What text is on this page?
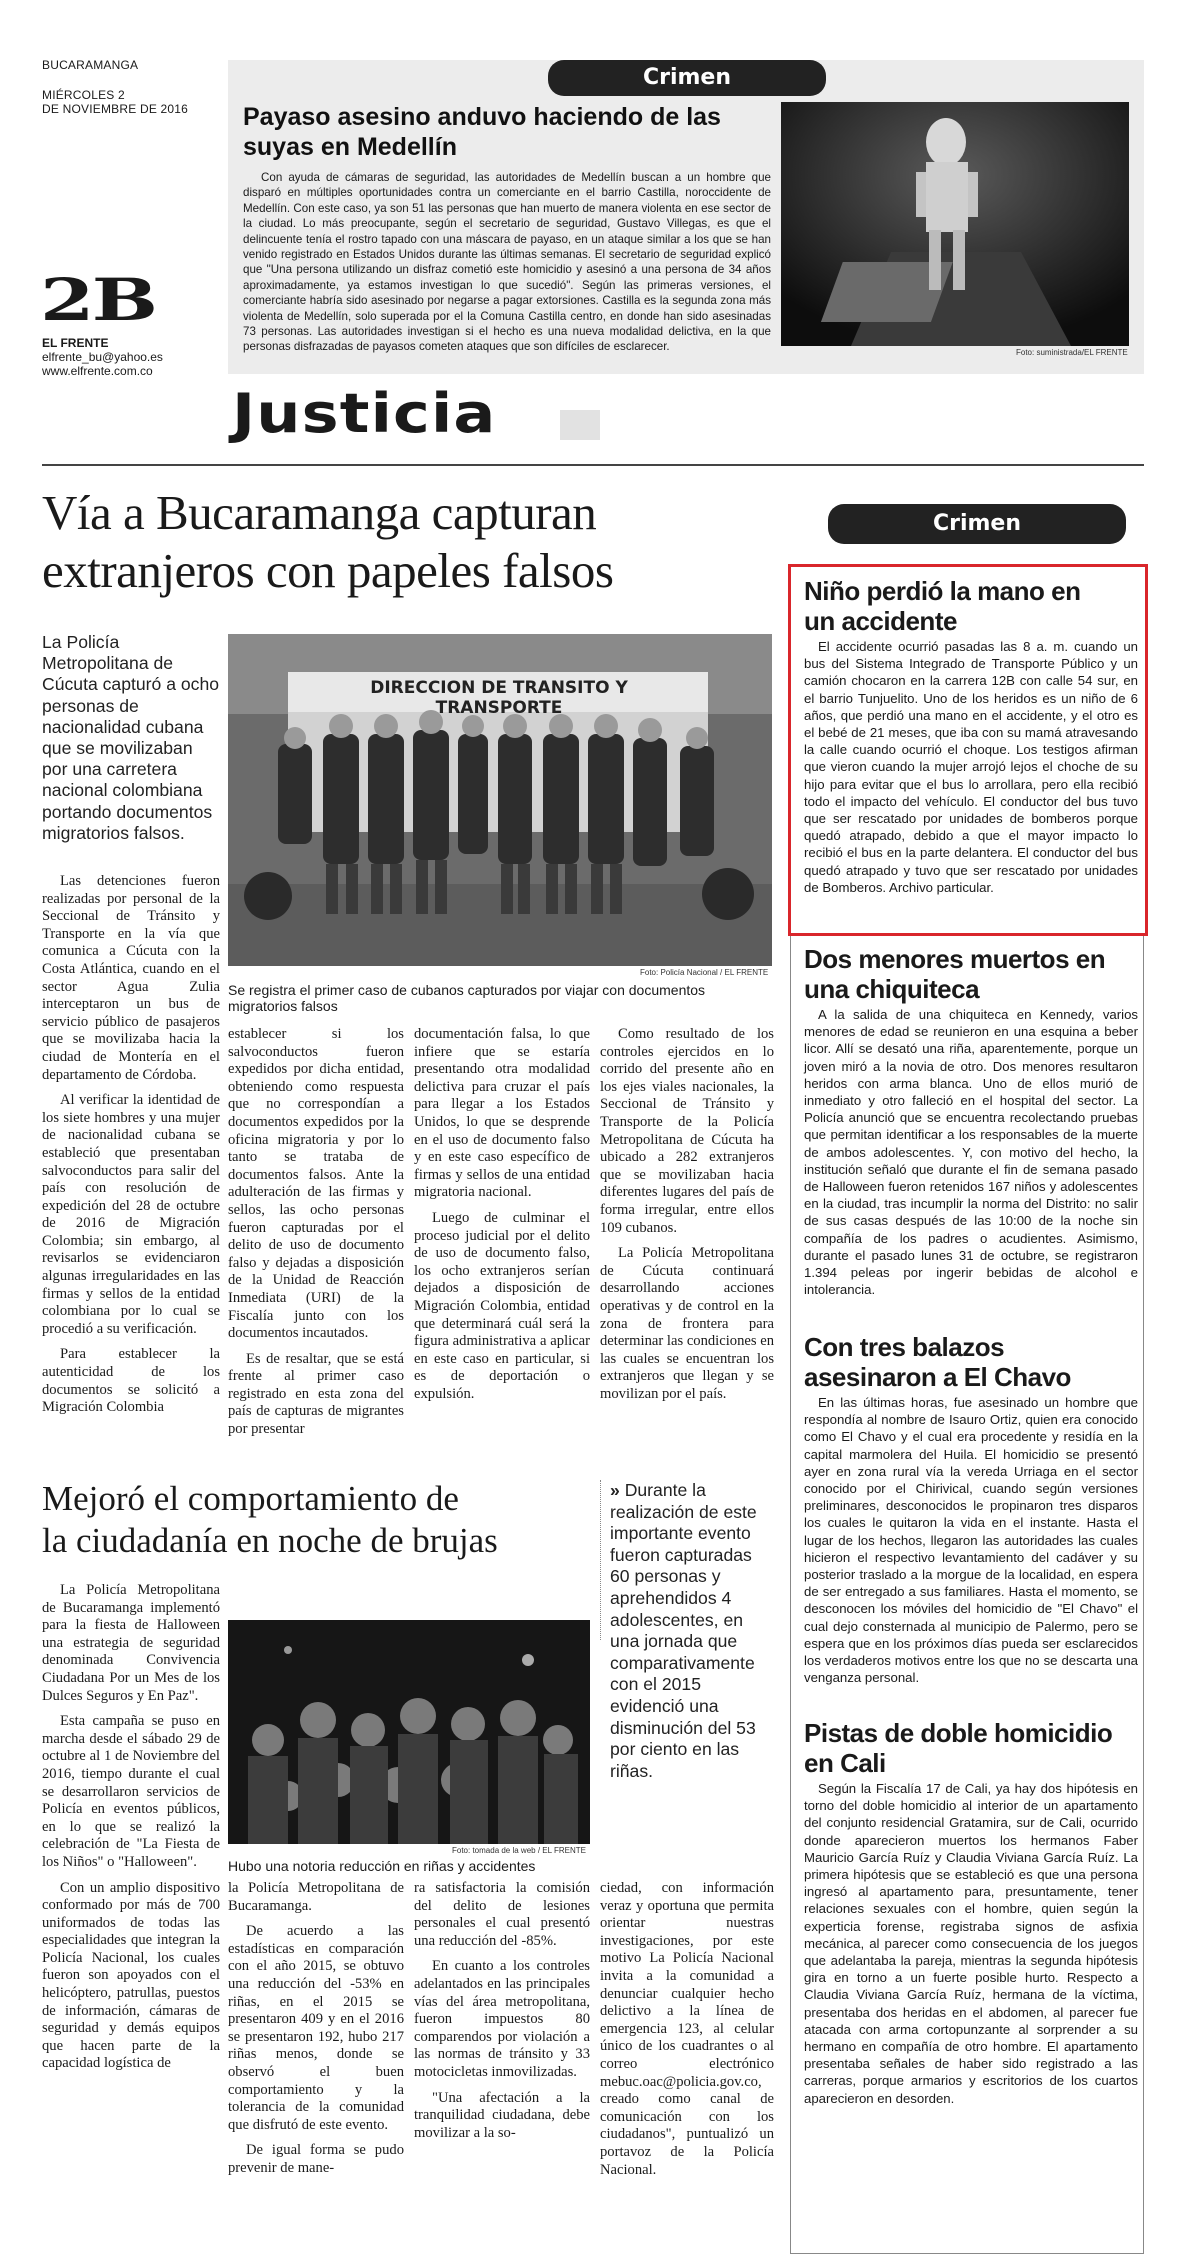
BUCARAMANGA
MIÉRCOLES 2
DE NOVIEMBRE DE 2016
2B
EL FRENTE
elfrente_bu@yahoo.es
www.elfrente.com.co
Crimen
Payaso asesino anduvo haciendo de las suyas en Medellín
Con ayuda de cámaras de seguridad, las autoridades de Medellín buscan a un hombre que disparó en múltiples oportunidades contra un comerciante en el barrio Castilla, noroccidente de Medellín. Con este caso, ya son 51 las personas que han muerto de manera violenta en ese sector de la ciudad. Lo más preocupante, según el secretario de seguridad, Gustavo Villegas, es que el delincuente tenía el rostro tapado con una máscara de payaso, en un ataque similar a los que se han venido registrado en Estados Unidos durante las últimas semanas. El secretario de seguridad explicó que "Una persona utilizando un disfraz cometió este homicidio y asesinó a una persona de 34 años aproximadamente, ya estamos investigan lo que sucedió". Según las primeras versiones, el comerciante habría sido asesinado por negarse a pagar extorsiones. Castilla es la segunda zona más violenta de Medellín, solo superada por el la Comuna Castilla centro, en donde han sido asesinadas 73 personas. Las autoridades investigan si el hecho es una nueva modalidad delictiva, en la que personas disfrazadas de payasos cometen ataques que son difíciles de esclarecer.	Foto: suministrada/EL FRENTE
Justicia
Vía a Bucaramanga capturan
extranjeros con papeles falsos
La Policía Metropolitana de Cúcuta capturó a ocho personas de nacionalidad cubana que se movilizaban por una carretera nacional colombiana portando documentos migratorios falsos.
DIRECCION DE TRANSITO Y TRANSPORTE
Foto: Policía Nacional / EL FRENTE
Se registra el primer caso de cubanos capturados por viajar con documentos migratorios falsos

Las detenciones fueron realizadas por personal de la Seccional de Tránsito y Transporte en la vía que comunica a Cúcuta con la Costa Atlántica, cuando en el sector Agua Zulia interceptaron un bus de servicio público de pasajeros que se movilizaba hacia la ciudad de Montería en el departamento de Córdoba.

Al verificar la identidad de los siete hombres y una mujer de nacionalidad cubana se estableció que presentaban salvoconductos para salir del país con resolución de expedición del 28 de octubre de 2016 de Migración Colombia; sin embargo, al revisarlos se evidenciaron algunas irregularidades en las firmas y sellos de la entidad colombiana por lo cual se procedió a su verificación.

Para establecer la autenticidad de los documentos se solicitó a Migración Colombia

establecer si los salvoconductos fueron expedidos por dicha entidad, obteniendo como respuesta que no correspondían a documentos expedidos por la oficina migratoria y por lo tanto se trataba de documentos falsos. Ante la adulteración de las firmas y sellos, las ocho personas fueron capturadas por el delito de uso de documento falso y dejadas a disposición de la Unidad de Reacción Inmediata (URI) de la Fiscalía junto con los documentos incautados.

Es de resaltar, que se está frente al primer caso registrado en esta zona del país de capturas de migrantes por presentar

documentación falsa, lo que infiere que se estaría presentando otra modalidad delictiva para cruzar el país para llegar a los Estados Unidos, lo que se desprende en el uso de documento falso y en este caso específico de firmas y sellos de una entidad migratoria nacional.

Luego de culminar el proceso judicial por el delito de uso de documento falso, los ocho extranjeros serían dejados a disposición de Migración Colombia, entidad que determinará cuál será la figura administrativa a aplicar en este caso en particular, si es de deportación o expulsión.

Como resultado de los controles ejercidos en lo corrido del presente año en los ejes viales nacionales, la Seccional de Tránsito y Transporte de la Policía Metropolitana de Cúcuta ha ubicado a 282 extranjeros que se movilizaban hacia diferentes lugares del país de forma irregular, entre ellos 109 cubanos.

La Policía Metropolitana de Cúcuta continuará desarrollando acciones operativas y de control en la zona de frontera para determinar las condiciones en las cuales se encuentran los extranjeros que llegan y se movilizan por el país.

Mejoró el comportamiento de
la ciudadanía en noche de brujas
» Durante la realización de este importante evento fueron capturadas 60 personas y aprehendidos 4 adolescentes, en una jornada que comparativamente con el 2015 evidenció una disminución del 53 por ciento en las riñas.
Foto: tomada de la web / EL FRENTE
Hubo una notoria reducción en riñas y accidentes

La Policía Metropolitana de Bucaramanga implementó para la fiesta de Halloween una estrategia de seguridad denominada Convivencia Ciudadana Por un Mes de los Dulces Seguros y En Paz".

Esta campaña se puso en marcha desde el sábado 29 de octubre al 1 de Noviembre del 2016, tiempo durante el cual se desarrollaron servicios de Policía en eventos públicos, en lo que se realizó la celebración de "La Fiesta de los Niños" o "Halloween".

Con un amplio dispositivo conformado por más de 700 uniformados de todas las especialidades que integran la Policía Nacional, los cuales fueron son apoyados con el helicóptero, patrullas, puestos de información, cámaras de seguridad y demás equipos que hacen parte de la capacidad logística de

la Policía Metropolitana de Bucaramanga.

De acuerdo a las estadísticas en comparación con el año 2015, se obtuvo una reducción del -53% en riñas, en el 2015 se presentaron 409 y en el 2016 se presentaron 192, hubo 217 riñas menos, donde se observó el buen comportamiento y la tolerancia de la comunidad que disfrutó de este evento.

De igual forma se pudo prevenir de mane-

ra satisfactoria la comisión del delito de lesiones personales el cual presentó una reducción del -85%.

En cuanto a los controles adelantados en las principales vías del área metropolitana, fueron impuestos 80 comparendos por violación a las normas de tránsito y 33 motocicletas inmovilizadas.

"Una afectación a la tranquilidad ciudadana, debe movilizar a la so-

ciedad, con información veraz y oportuna que permita orientar nuestras investigaciones, por este motivo La Policía Nacional invita a la comunidad a denunciar cualquier hecho delictivo a la línea de emergencia 123, al celular único de los cuadrantes o al correo electrónico mebuc.oac@policia.gov.co, creado como canal de comunicación con los ciudadanos", puntualizó un portavoz de la Policía Nacional.

Crimen
Niño perdió la mano en un accidente
El accidente ocurrió pasadas las 8 a. m. cuando un bus del Sistema Integrado de Transporte Público y un camión chocaron en la carrera 12B con calle 54 sur, en el barrio Tunjuelito. Uno de los heridos es un niño de 6 años, que perdió una mano en el accidente, y el otro es el bebé de 21 meses, que iba con su mamá atravesando la calle cuando ocurrió el choque. Los testigos afirman que vieron cuando la mujer arrojó lejos el choche de su hijo para evitar que el bus lo arrollara, pero ella recibió todo el impacto del vehículo. El conductor del bus tuvo que ser rescatado por unidades de bomberos porque quedó atrapado, debido a que el mayor impacto lo recibió el bus en la parte delantera. El conductor del bus quedó atrapado y tuvo que ser rescatado por unidades de Bomberos. Archivo particular.
Dos menores muertos en una chiquiteca
A la salida de una chiquiteca en Kennedy, varios menores de edad se reunieron en una esquina a beber licor. Allí se desató una riña, aparentemente, porque un joven miró a la novia de otro. Dos menores resultaron heridos con arma blanca. Uno de ellos murió de inmediato y otro falleció en el hospital del sector. La Policía anunció que se encuentra recolectando pruebas que permitan identificar a los responsables de la muerte de ambos adolescentes. Y, con motivo del hecho, la institución señaló que durante el fin de semana pasado de Halloween fueron retenidos 167 niños y adolescentes en la ciudad, tras incumplir la norma del Distrito: no salir de sus casas después de las 10:00 de la noche sin compañía de los padres o acudientes. Asimismo, durante el pasado lunes 31 de octubre, se registraron 1.394 peleas por ingerir bebidas de alcohol e intolerancia.
Con tres balazos asesinaron a El Chavo
En las últimas horas, fue asesinado un hombre que respondía al nombre de Isauro Ortiz, quien era conocido como El Chavo y el cual era procedente y residía en la capital marmolera del Huila. El homicidio se presentó ayer en zona rural vía la vereda Urriaga en el sector conocido por el Chirivical, cuando según versiones preliminares, desconocidos le propinaron tres disparos los cuales le quitaron la vida en el instante. Hasta el lugar de los hechos, llegaron las autoridades las cuales hicieron el respectivo levantamiento del cadáver y su posterior traslado a la morgue de la localidad, en espera de ser entregado a sus familiares. Hasta el momento, se desconocen los móviles del homicidio de "El Chavo" el cual dejo consternada al municipio de Palermo, pero se espera que en los próximos días pueda ser esclarecidos los verdaderos motivos entre los que no se descarta una venganza personal.
Pistas de doble homicidio en Cali
Según la Fiscalía 17 de Cali, ya hay dos hipótesis en torno del doble homicidio al interior de un apartamento del conjunto residencial Gratamira, sur de Cali, ocurrido donde aparecieron muertos los hermanos Faber Mauricio García Ruíz y Claudia Viviana García Ruíz. La primera hipótesis que se estableció es que una persona ingresó al apartamento para, presuntamente, tener relaciones sexuales con el hombre, quien según la experticia forense, registraba signos de asfixia mecánica, al parecer como consecuencia de los juegos que adelantaba la pareja, mientras la segunda hipótesis gira en torno a un fuerte posible hurto. Respecto a Claudia Viviana García Ruíz, hermana de la víctima, presentaba dos heridas en el abdomen, al parecer fue atacada con arma cortopunzante al sorprender a su hermano en compañía de otro hombre. El apartamento presentaba señales de haber sido registrado a las carreras, porque armarios y escritorios de los cuartos aparecieron en desorden.
